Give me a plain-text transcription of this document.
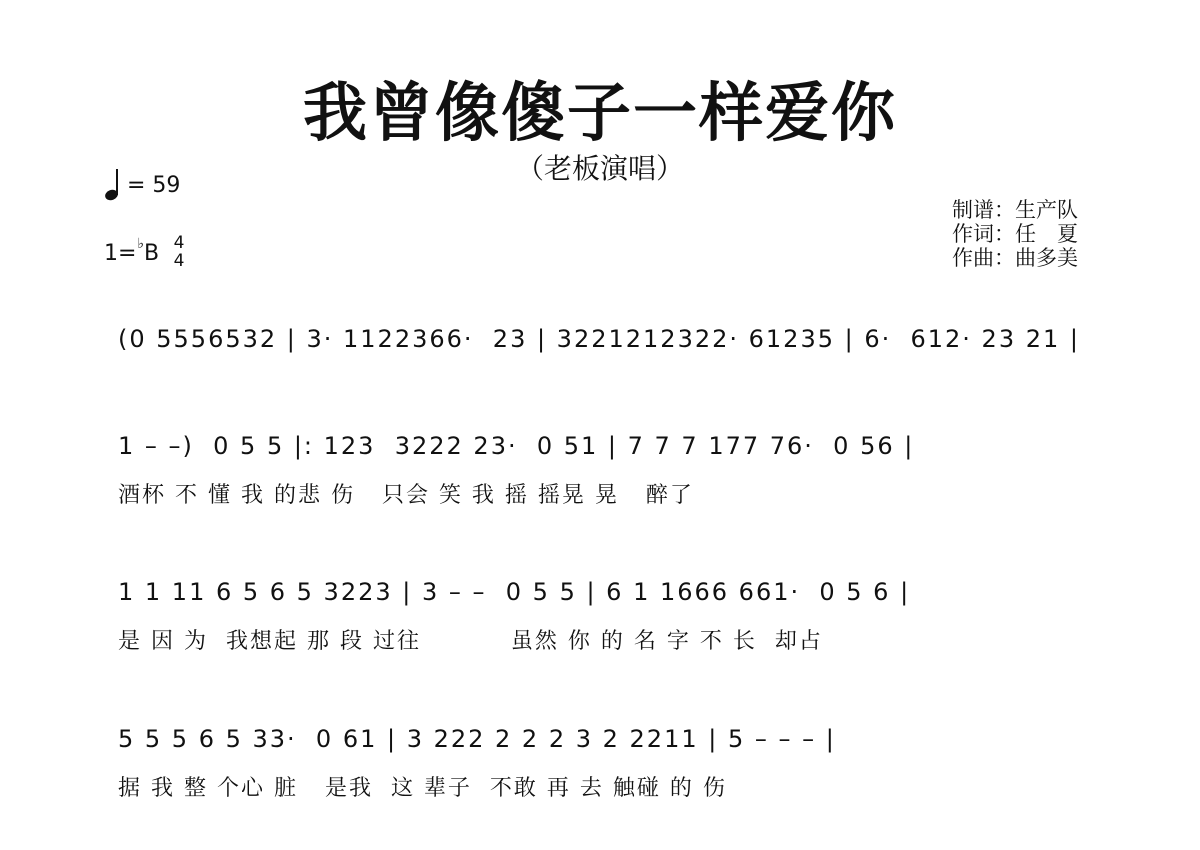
我曾像傻子一样爱你
（老板演唱）
= 59
1=♭B 4
4
制谱：生产队
作词：任　夏
作曲：曲多美
(0 5556532 | 3· 1122366·  23 | 3221212322· 61235 | 6·  612· 23 21 |
1 – –)  0 5 5 |: 123  3222 23·  0 51 | 7 7 7 177 76·  0 56 |
酒杯 不 懂 我 的悲 伤   只会 笑 我 摇 摇晃 晃   醉了
1 1 11 6 5 6 5 3223 | 3 – –  0 5 5 | 6 1 1666 661·  0 5 6 |
是 因 为  我想起 那 段 过往          虽然 你 的 名 字 不 长  却占
5 5 5 6 5 33·  0 61 | 3 222 2 2 2 3 2 2211 | 5 – – – |
据 我 整 个心 脏   是我  这 辈子  不敢 再 去 触碰 的 伤
